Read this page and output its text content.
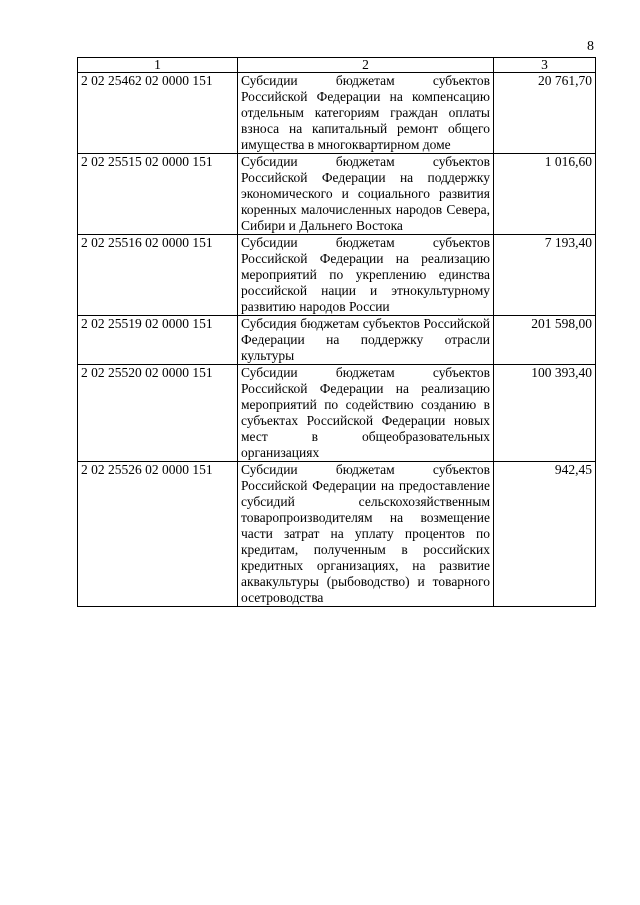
8
1	2	3
2 02 25462 02 0000 151	Субсидии бюджетам субъектов Российской Федерации на компенсацию отдельным категориям граждан оплаты взноса на капитальный ремонт общего имущества в многоквартирном доме	20 761,70
2 02 25515 02 0000 151	Субсидии бюджетам субъектов Российской Федерации на поддержку экономического и социального развития коренных малочисленных народов Севера, Сибири и Дальнего Востока	1 016,60
2 02 25516 02 0000 151	Субсидии бюджетам субъектов Российской Федерации на реализацию мероприятий по укреплению единства российской нации и этнокультурному развитию народов России	7 193,40
2 02 25519 02 0000 151	Субсидия бюджетам субъектов Российской Федерации на поддержку отрасли культуры	201 598,00
2 02 25520 02 0000 151	Субсидии бюджетам субъектов Российской Федерации на реализацию мероприятий по содействию созданию в субъектах Российской Федерации новых мест в общеобразовательных организациях	100 393,40
2 02 25526 02 0000 151	Субсидии бюджетам субъектов Российской Федерации на предоставление субсидий сельскохозяйственным товаропроизводителям на возмещение части затрат на уплату процентов по кредитам, полученным в российских кредитных организациях, на развитие аквакультуры (рыбоводство) и товарного осетроводства	942,45
